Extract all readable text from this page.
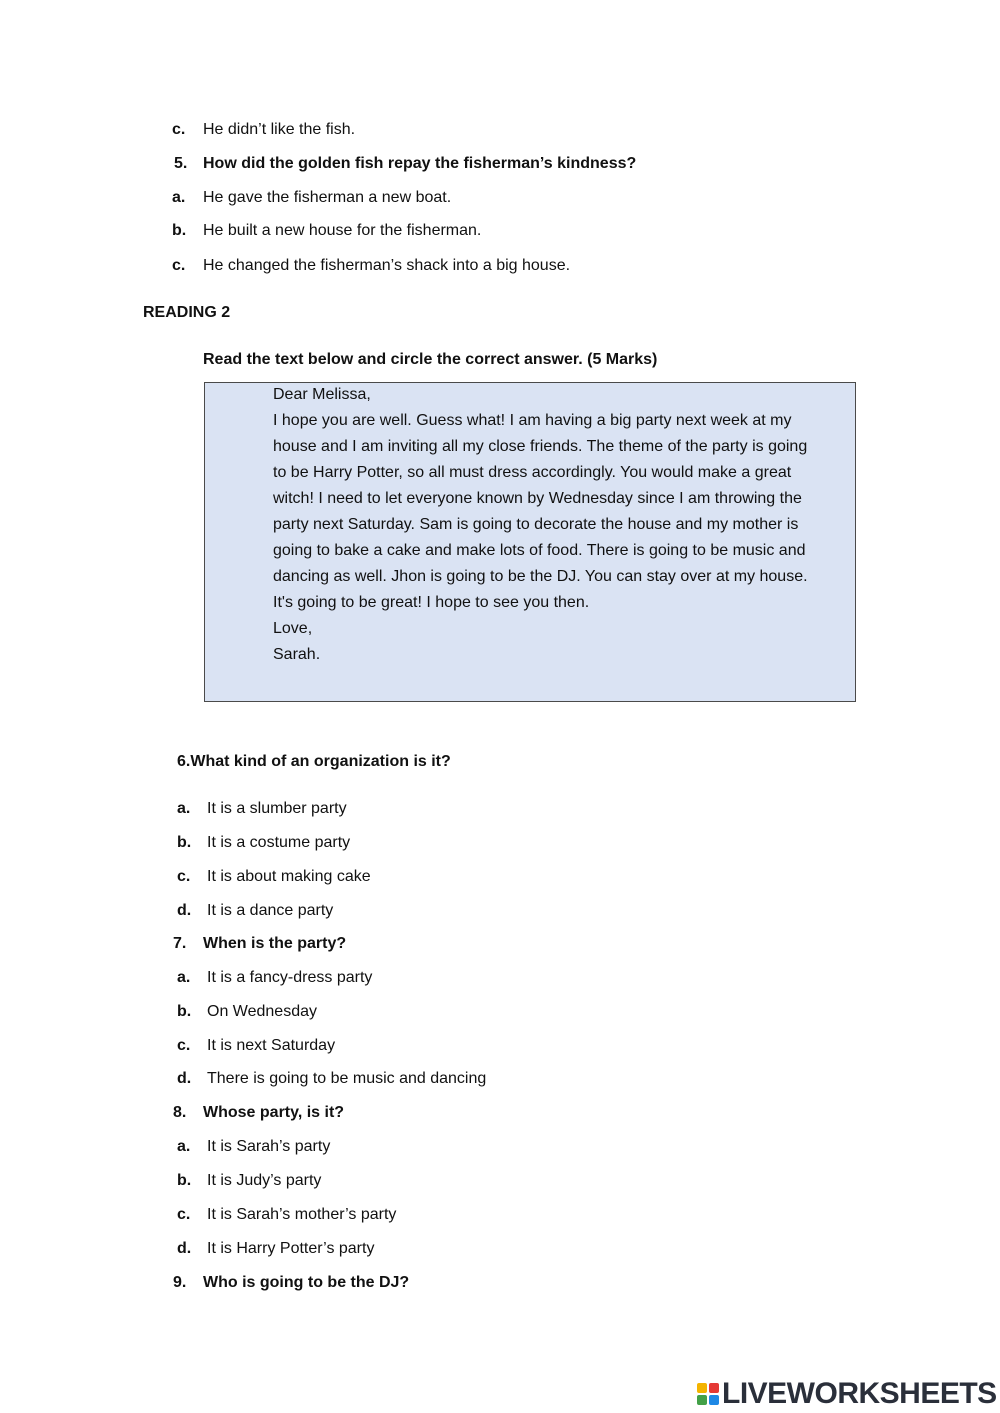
c. He didn’t like the fish.
5. How did the golden fish repay the fisherman’s kindness?
a. He gave the fisherman a new boat.
b. He built a new house for the fisherman.
c. He changed the fisherman’s shack into a big house.
READING 2
Read the text below and circle the correct answer. (5 Marks)
Dear Melissa,
I hope you are well. Guess what! I am having a big party next week at my
house and I am inviting all my close friends. The theme of the party is going
to be Harry Potter, so all must dress accordingly. You would make a great
witch! I need to let everyone known by Wednesday since I am throwing the
party next Saturday. Sam is going to decorate the house and my mother is
going to bake a cake and make lots of food. There is going to be music and
dancing as well. Jhon is going to be the DJ. You can stay over at my house.
It's going to be great! I hope to see you then.
Love,
Sarah.
6.What kind of an organization is it?
a. It is a slumber party
b. It is a costume party
c. It is about making cake
d. It is a dance party
7. When is the party?
a. It is a fancy-dress party
b. On Wednesday
c. It is next Saturday
d. There is going to be music and dancing
8. Whose party, is it?
a. It is Sarah’s party
b. It is Judy’s party
c. It is Sarah’s mother’s party
d. It is Harry Potter’s party
9. Who is going to be the DJ?
LIVEWORKSHEETS
